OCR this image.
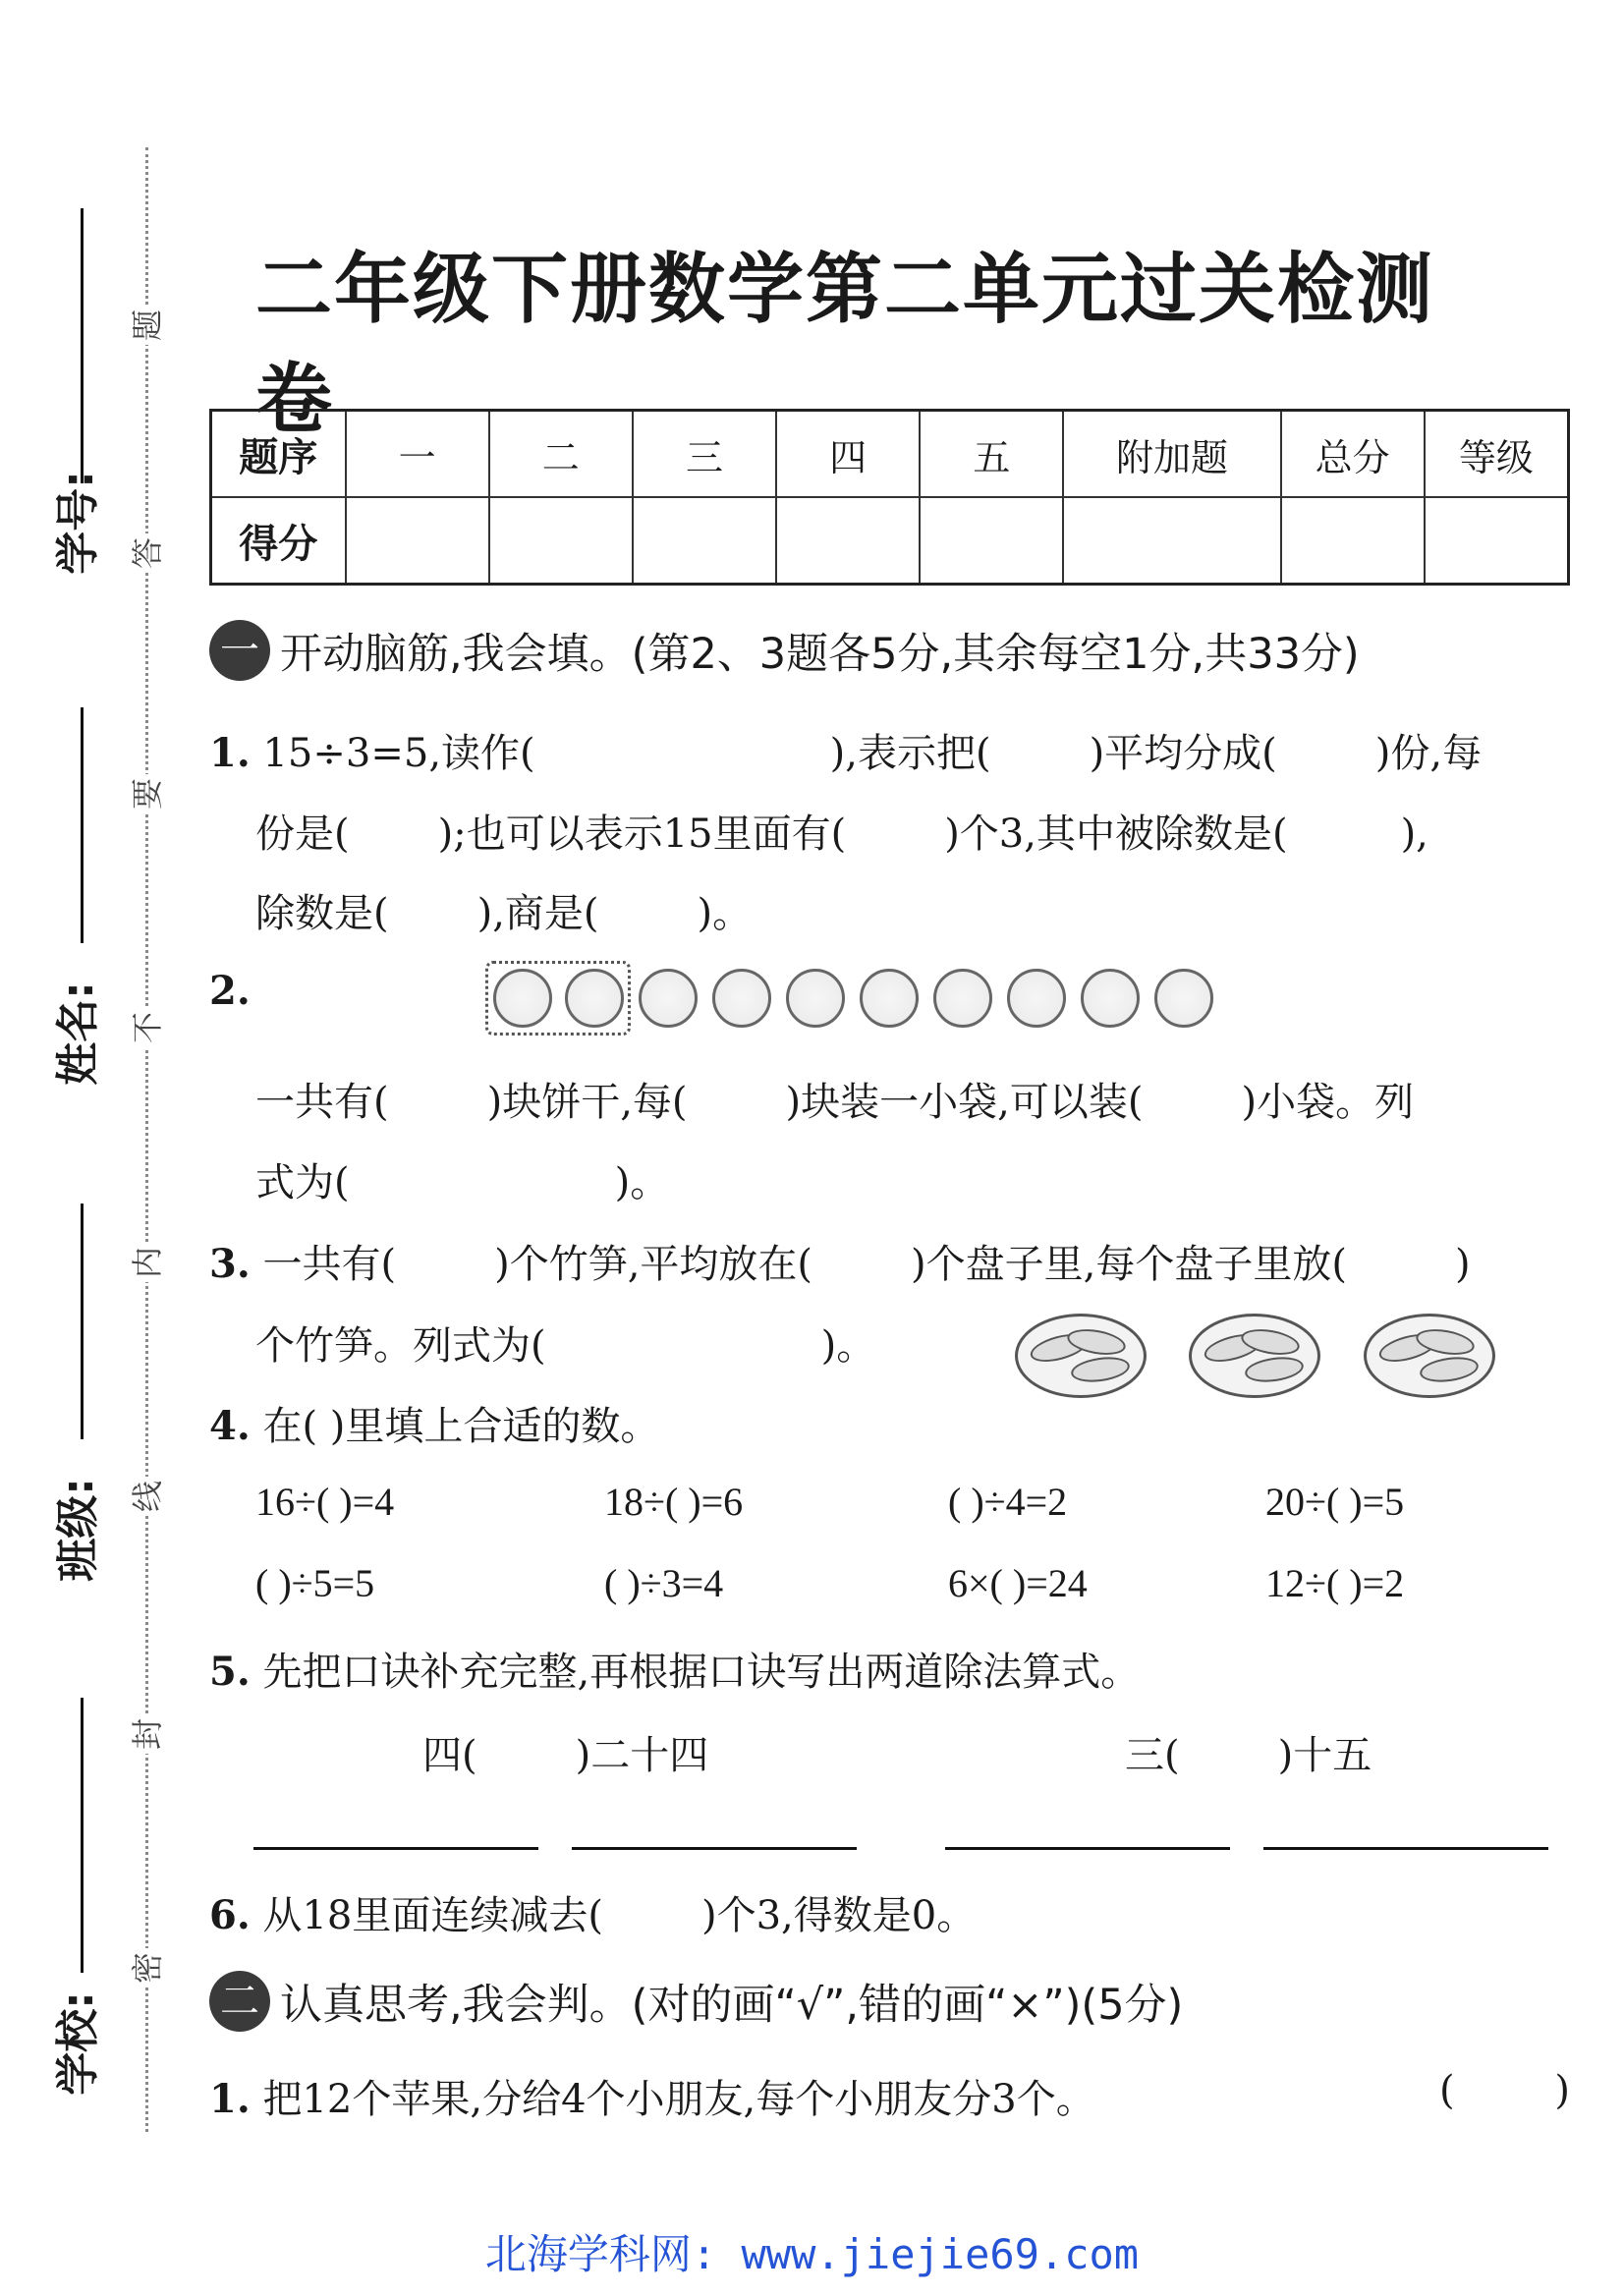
学号:
姓名:
班级:
学校:
题
答
要
不
内
线
封
密
二年级下册数学第二单元过关检测卷
题序	一	二	三	四	五	附加题	总分	等级
得分								
一 开动脑筋,我会填。(第2、3题各5分,其余每空1分,共33分)
1. 15÷3=5,读作(	),表示把(	)平均分成(	)份,每
份是( );也可以表示15里面有(	)个3,其中被除数是(	),
除数是( ),商是(	)。
2.
一共有(	)块饼干,每(	)块装一小袋,可以装(	)小袋。列
式为(	)。
3. 一共有(	)个竹笋,平均放在(	)个盘子里,每个盘子里放(	)
个竹笋。列式为(	)。
4. 在( )里填上合适的数。
16÷( )=4	18÷( )=6	( )÷4=2	20÷( )=5
( )÷5=5	( )÷3=4	6×( )=24	12÷( )=2
5. 先把口诀补充完整,再根据口诀写出两道除法算式。
四(	)二十四	三(	)十五
6. 从18里面连续减去(	)个3,得数是0。
二 认真思考,我会判。(对的画“√”,错的画“×”)(5分)
1. 把12个苹果,分给4个小朋友,每个小朋友分3个。	(        )
北海学科网: www.jiejie69.com
